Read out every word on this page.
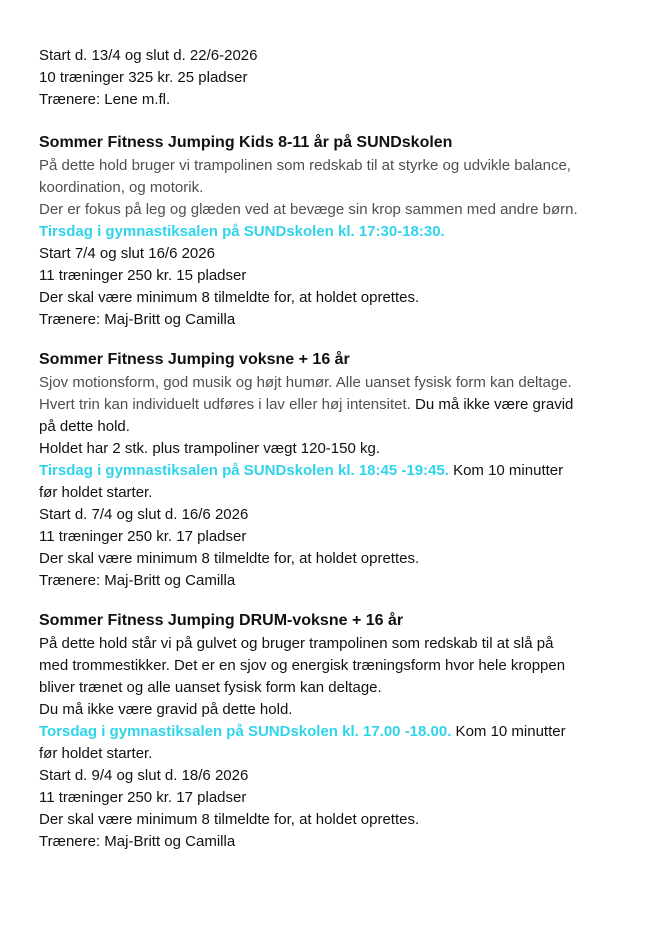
Start d. 13/4 og slut d. 22/6-2026

10 træninger 325 kr. 25 pladser

Trænere: Lene m.fl.

Sommer Fitness Jumping Kids 8-11 år på SUNDskolen

På dette hold bruger vi trampolinen som redskab til at styrke og udvikle balance,

koordination, og motorik.

Der er fokus på leg og glæden ved at bevæge sin krop sammen med andre børn.

Tirsdag i gymnastiksalen på SUNDskolen kl. 17:30-18:30.

Start 7/4 og slut 16/6 2026

11 træninger 250 kr. 15 pladser

Der skal være minimum 8 tilmeldte for, at holdet oprettes.

Trænere: Maj-Britt og Camilla

Sommer Fitness Jumping voksne + 16 år

Sjov motionsform, god musik og højt humør. Alle uanset fysisk form kan deltage.

Hvert trin kan individuelt udføres i lav eller høj intensitet. Du må ikke være gravid

på dette hold.

Holdet har 2 stk. plus trampoliner vægt 120-150 kg.

Tirsdag i gymnastiksalen på SUNDskolen kl. 18:45 -19:45. Kom 10 minutter

før holdet starter.

Start d. 7/4 og slut d. 16/6 2026

11 træninger 250 kr. 17 pladser

Der skal være minimum 8 tilmeldte for, at holdet oprettes.

Trænere: Maj-Britt og Camilla

Sommer Fitness Jumping DRUM-voksne + 16 år

På dette hold står vi på gulvet og bruger trampolinen som redskab til at slå på

med trommestikker. Det er en sjov og energisk træningsform hvor hele kroppen

bliver trænet og alle uanset fysisk form kan deltage.

Du må ikke være gravid på dette hold.

Torsdag i gymnastiksalen på SUNDskolen kl. 17.00 -18.00. Kom 10 minutter

før holdet starter.

Start d. 9/4 og slut d. 18/6 2026

11 træninger 250 kr. 17 pladser

Der skal være minimum 8 tilmeldte for, at holdet oprettes.

Trænere: Maj-Britt og Camilla
